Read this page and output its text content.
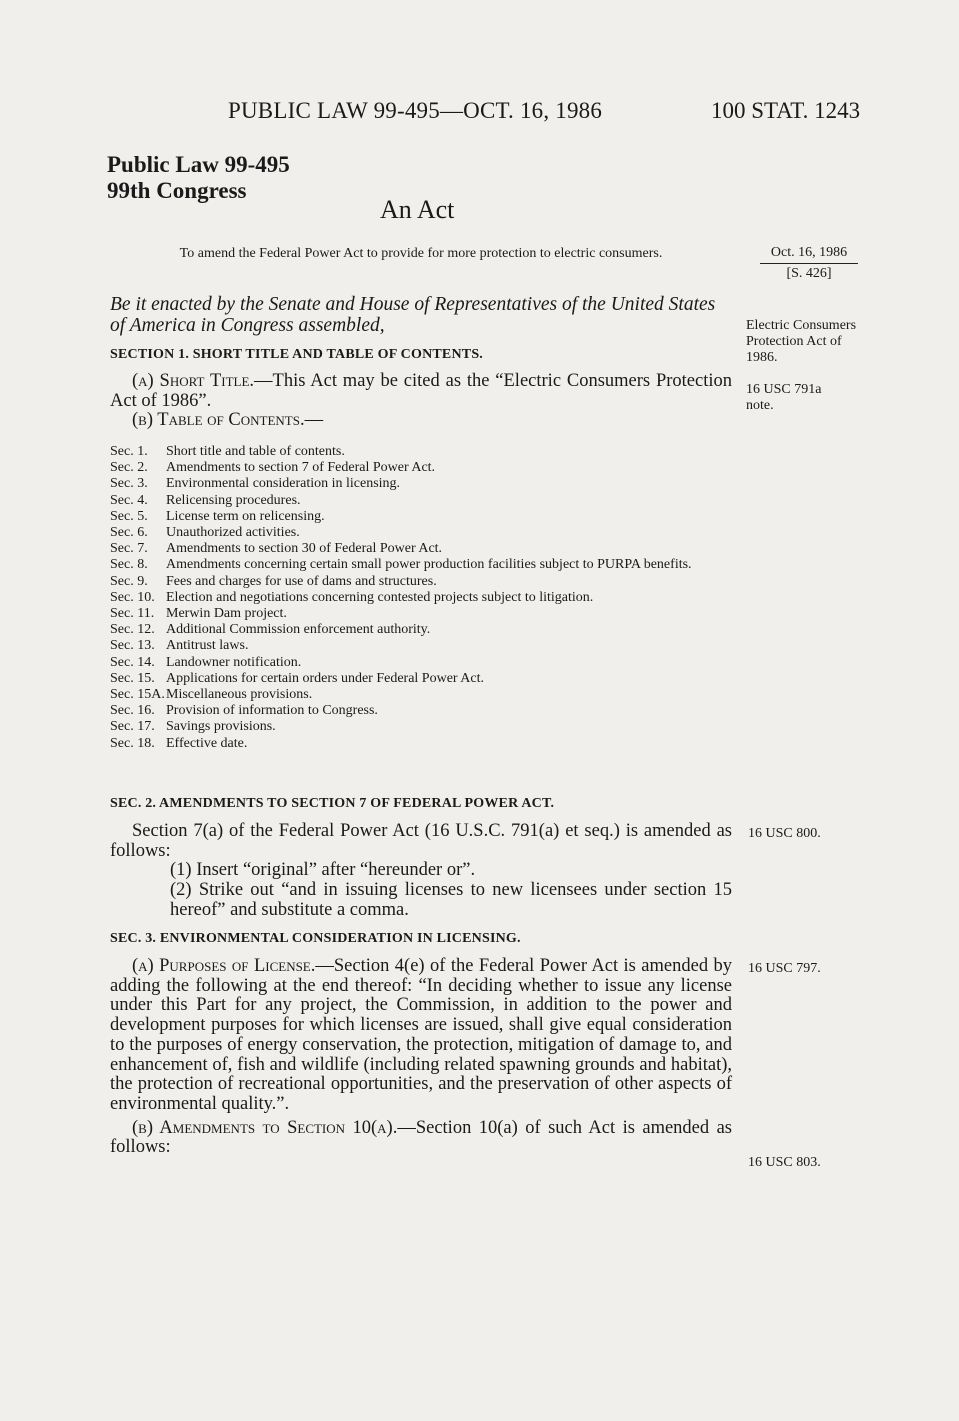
PUBLIC LAW 99-495—OCT. 16, 1986	100 STAT. 1243
Public Law 99-495
99th Congress
An Act
To amend the Federal Power Act to provide for more protection to electric consumers.	Oct. 16, 1986
[S. 426]
Electric Consumers Protection Act of 1986.
16 USC 791a note.
Be it enacted by the Senate and House of Representatives of the United States of America in Congress assembled,
SECTION 1. SHORT TITLE AND TABLE OF CONTENTS.

(a) Short Title.—This Act may be cited as the “Electric Consumers Protection Act of 1986”.

(b) Table of Contents.—

Sec. 1.	Short title and table of contents.
Sec. 2.	Amendments to section 7 of Federal Power Act.
Sec. 3.	Environmental consideration in licensing.
Sec. 4.	Relicensing procedures.
Sec. 5.	License term on relicensing.
Sec. 6.	Unauthorized activities.
Sec. 7.	Amendments to section 30 of Federal Power Act.
Sec. 8.	Amendments concerning certain small power production facilities subject to PURPA benefits.
Sec. 9.	Fees and charges for use of dams and structures.
Sec. 10. Election and negotiations concerning contested projects subject to litigation.
Sec. 11. Merwin Dam project.
Sec. 12. Additional Commission enforcement authority.
Sec. 13. Antitrust laws.
Sec. 14. Landowner notification.
Sec. 15. Applications for certain orders under Federal Power Act.
Sec. 15A. Miscellaneous provisions.
Sec. 16. Provision of information to Congress.
Sec. 17. Savings provisions.
Sec. 18. Effective date.
SEC. 2. AMENDMENTS TO SECTION 7 OF FEDERAL POWER ACT.

Section 7(a) of the Federal Power Act (16 U.S.C. 791(a) et seq.) is amended as follows:

(1) Insert “original” after “hereunder or”.

(2) Strike out “and in issuing licenses to new licensees under section 15 hereof” and substitute a comma.

16 USC 800.
SEC. 3. ENVIRONMENTAL CONSIDERATION IN LICENSING.

(a) Purposes of License.—Section 4(e) of the Federal Power Act is amended by adding the following at the end thereof: “In deciding whether to issue any license under this Part for any project, the Commission, in addition to the power and development purposes for which licenses are issued, shall give equal consideration to the purposes of energy conservation, the protection, mitigation of damage to, and enhancement of, fish and wildlife (including related spawning grounds and habitat), the protection of recreational opportunities, and the preservation of other aspects of environmental quality.”.

(b) Amendments to Section 10(a).—Section 10(a) of such Act is amended as follows:

16 USC 797.
16 USC 803.
